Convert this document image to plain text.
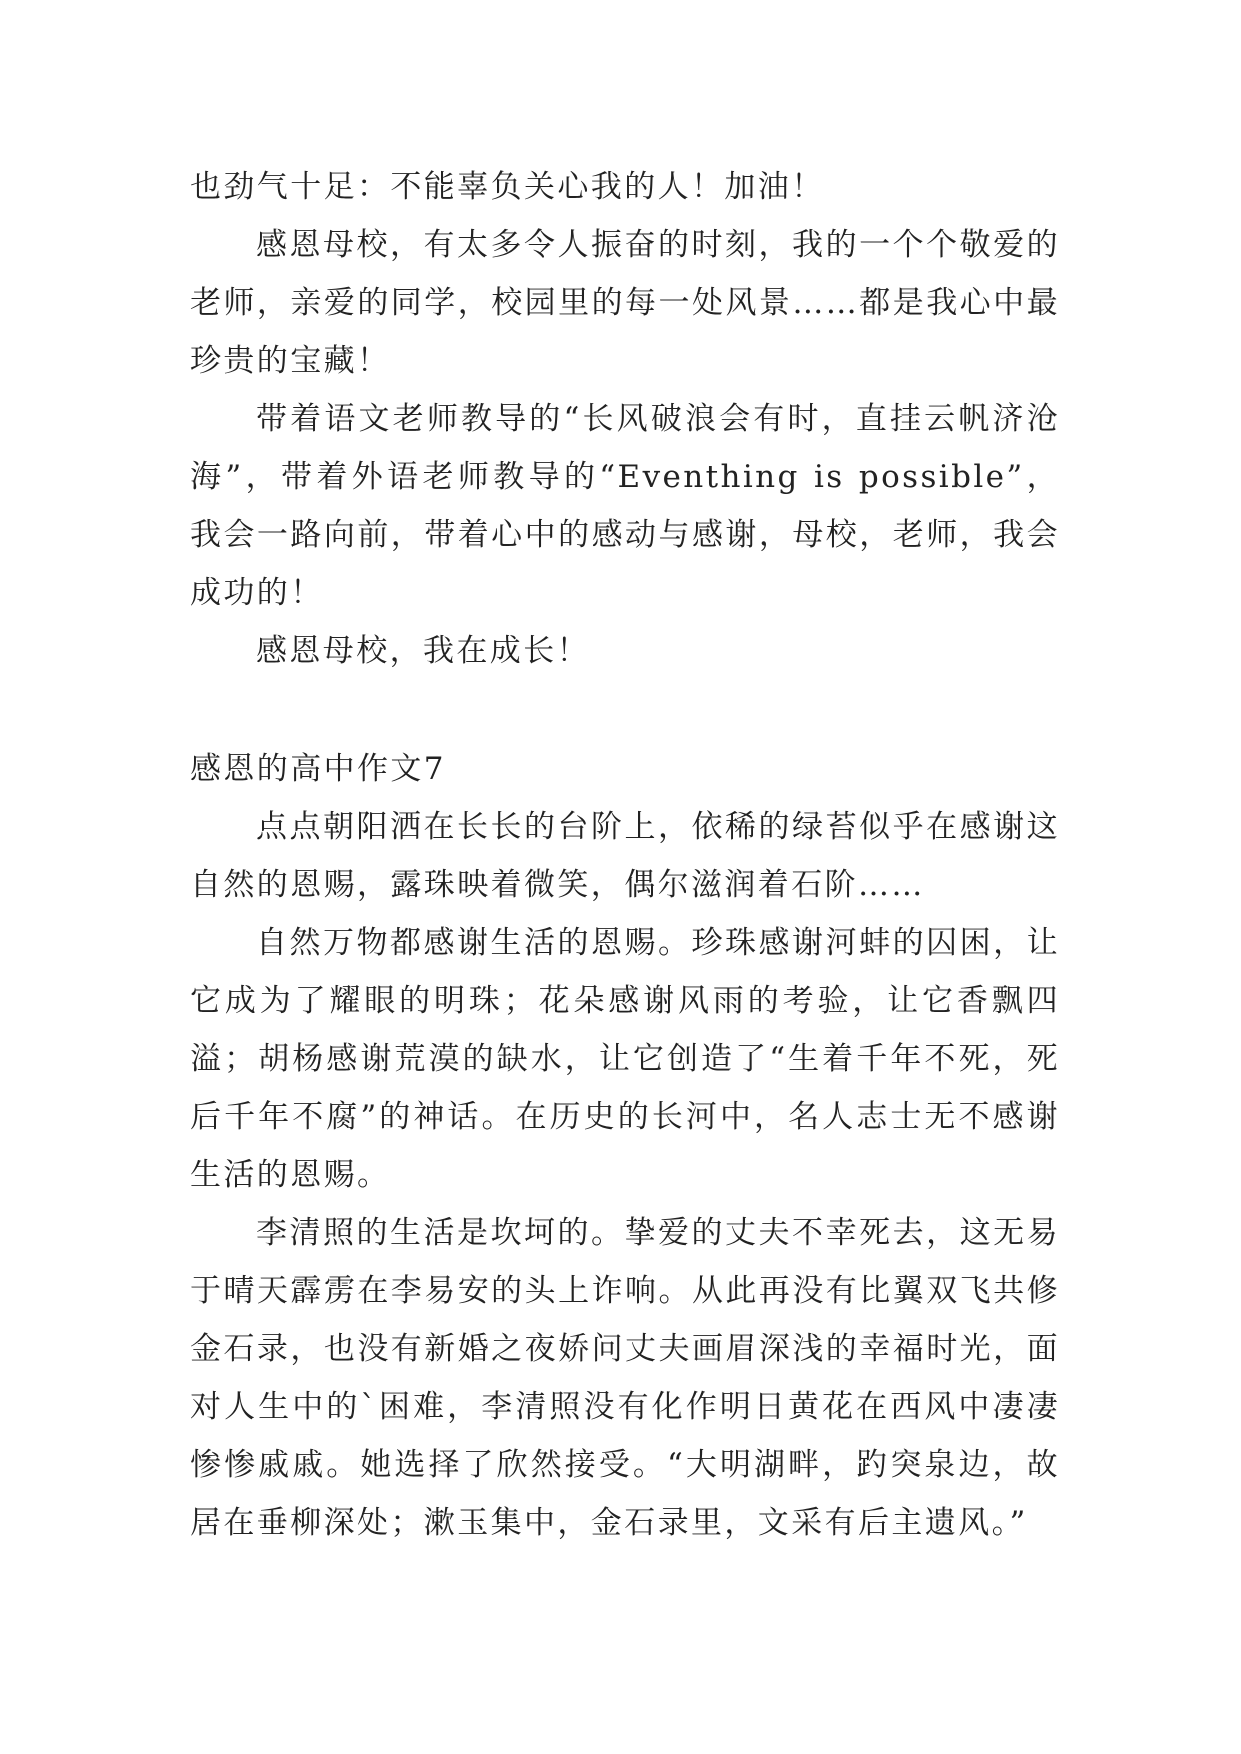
也劲气十足：不能辜负关心我的人！加油！

感恩母校，有太多令人振奋的时刻，我的一个个敬爱的老师，亲爱的同学，校园里的每一处风景……都是我心中最珍贵的宝藏！

带着语文老师教导的“长风破浪会有时，直挂云帆济沧海”，带着外语老师教导的“Eventhing is possible”，我会一路向前，带着心中的感动与感谢，母校，老师，我会成功的！

感恩母校，我在成长！

感恩的高中作文7

点点朝阳洒在长长的台阶上，依稀的绿苔似乎在感谢这自然的恩赐，露珠映着微笑，偶尔滋润着石阶……

自然万物都感谢生活的恩赐。珍珠感谢河蚌的囚困，让它成为了耀眼的明珠；花朵感谢风雨的考验，让它香飘四溢；胡杨感谢荒漠的缺水，让它创造了“生着千年不死，死后千年不腐”的神话。在历史的长河中，名人志士无不感谢生活的恩赐。

李清照的生活是坎坷的。挚爱的丈夫不幸死去，这无易于晴天霹雳在李易安的头上诈响。从此再没有比翼双飞共修金石录，也没有新婚之夜娇问丈夫画眉深浅的幸福时光，面对人生中的`困难，李清照没有化作明日黄花在西风中凄凄惨惨戚戚。她选择了欣然接受。“大明湖畔，趵突泉边，故居在垂柳深处；漱玉集中，金石录里，文采有后主遗风。”
